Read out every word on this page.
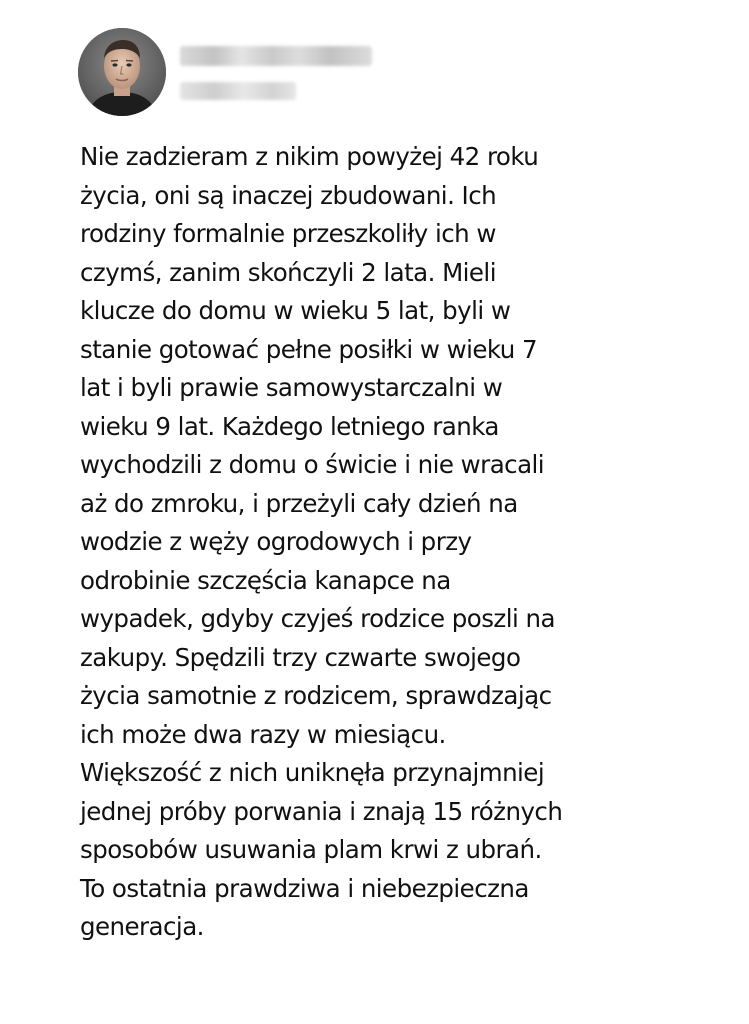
Nie zadzieram z nikim powyżej 42 roku
życia, oni są inaczej zbudowani. Ich
rodziny formalnie przeszkoliły ich w
czymś, zanim skończyli 2 lata. Mieli
klucze do domu w wieku 5 lat, byli w
stanie gotować pełne posiłki w wieku 7
lat i byli prawie samowystarczalni w
wieku 9 lat. Każdego letniego ranka
wychodzili z domu o świcie i nie wracali
aż do zmroku, i przeżyli cały dzień na
wodzie z węży ogrodowych i przy
odrobinie szczęścia kanapce na
wypadek, gdyby czyjeś rodzice poszli na
zakupy. Spędzili trzy czwarte swojego
życia samotnie z rodzicem, sprawdzając
ich może dwa razy w miesiącu.
Większość z nich uniknęła przynajmniej
jednej próby porwania i znają 15 różnych
sposobów usuwania plam krwi z ubrań.
To ostatnia prawdziwa i niebezpieczna
generacja.
